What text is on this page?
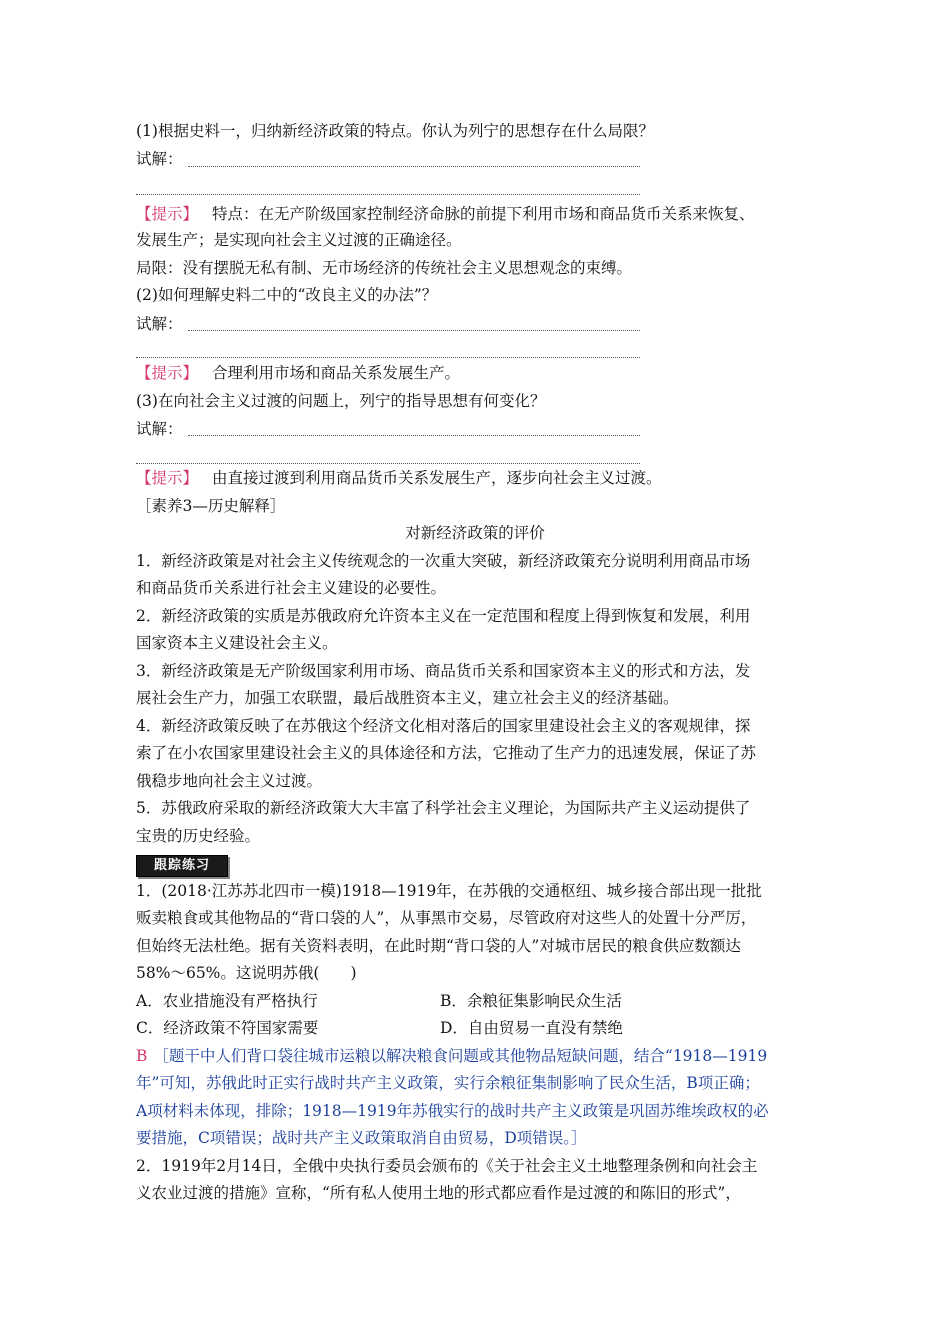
(1)根据史料一，归纳新经济政策的特点。你认为列宁的思想存在什么局限？
试解：
【提示】 特点：在无产阶级国家控制经济命脉的前提下利用市场和商品货币关系来恢复、
发展生产；是实现向社会主义过渡的正确途径。
局限：没有摆脱无私有制、无市场经济的传统社会主义思想观念的束缚。
(2)如何理解史料二中的“改良主义的办法”？
试解：
【提示】 合理利用市场和商品关系发展生产。
(3)在向社会主义过渡的问题上，列宁的指导思想有何变化？
试解：
【提示】 由直接过渡到利用商品货币关系发展生产，逐步向社会主义过渡。
［素养3—历史解释］
对新经济政策的评价
1．新经济政策是对社会主义传统观念的一次重大突破，新经济政策充分说明利用商品市场
和商品货币关系进行社会主义建设的必要性。
2．新经济政策的实质是苏俄政府允许资本主义在一定范围和程度上得到恢复和发展，利用
国家资本主义建设社会主义。
3．新经济政策是无产阶级国家利用市场、商品货币关系和国家资本主义的形式和方法，发
展社会生产力，加强工农联盟，最后战胜资本主义，建立社会主义的经济基础。
4．新经济政策反映了在苏俄这个经济文化相对落后的国家里建设社会主义的客观规律，探
索了在小农国家里建设社会主义的具体途径和方法，它推动了生产力的迅速发展，保证了苏
俄稳步地向社会主义过渡。
5．苏俄政府采取的新经济政策大大丰富了科学社会主义理论，为国际共产主义运动提供了
宝贵的历史经验。
跟踪练习
1．(2018·江苏苏北四市一模)1918—1919年，在苏俄的交通枢纽、城乡接合部出现一批批
贩卖粮食或其他物品的“背口袋的人”，从事黑市交易，尽管政府对这些人的处置十分严厉，
但始终无法杜绝。据有关资料表明，在此时期“背口袋的人”对城市居民的粮食供应数额达
58%～65%。这说明苏俄(　　)
A．农业措施没有严格执行	B．余粮征集影响民众生活
C．经济政策不符国家需要	D．自由贸易一直没有禁绝
B ［题干中人们背口袋往城市运粮以解决粮食问题或其他物品短缺问题，结合“1918—1919
年”可知，苏俄此时正实行战时共产主义政策，实行余粮征集制影响了民众生活，B项正确；
A项材料未体现，排除；1918—1919年苏俄实行的战时共产主义政策是巩固苏维埃政权的必
要措施，C项错误；战时共产主义政策取消自由贸易，D项错误。］
2．1919年2月14日，全俄中央执行委员会颁布的《关于社会主义土地整理条例和向社会主
义农业过渡的措施》宣称，“所有私人使用土地的形式都应看作是过渡的和陈旧的形式”，
